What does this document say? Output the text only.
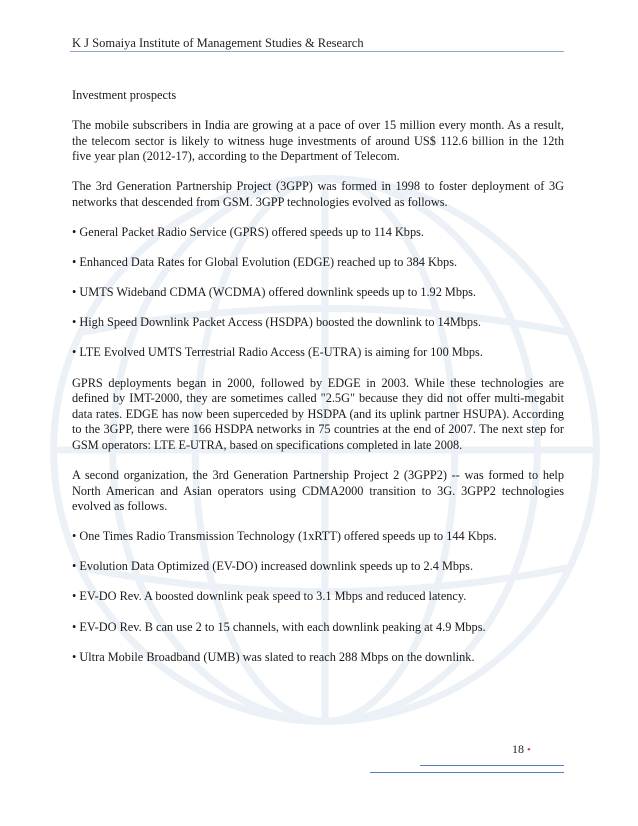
K J Somaiya Institute of Management Studies & Research

Investment prospects

The mobile subscribers in India are growing at a pace of over 15 million every month. As a result, the telecom sector is likely to witness huge investments of around US$ 112.6 billion in the 12th five year plan (2012-17), according to the Department of Telecom.

The 3rd Generation Partnership Project (3GPP) was formed in 1998 to foster deployment of 3G networks that descended from GSM. 3GPP technologies evolved as follows.

• General Packet Radio Service (GPRS) offered speeds up to 114 Kbps.

• Enhanced Data Rates for Global Evolution (EDGE) reached up to 384 Kbps.

• UMTS Wideband CDMA (WCDMA) offered downlink speeds up to 1.92 Mbps.

• High Speed Downlink Packet Access (HSDPA) boosted the downlink to 14Mbps.

• LTE Evolved UMTS Terrestrial Radio Access (E-UTRA) is aiming for 100 Mbps.

GPRS deployments began in 2000, followed by EDGE in 2003. While these technologies are defined by IMT-2000, they are sometimes called "2.5G" because they did not offer multi-megabit data rates. EDGE has now been superceded by HSDPA (and its uplink partner HSUPA). According to the 3GPP, there were 166 HSDPA networks in 75 countries at the end of 2007. The next step for GSM operators: LTE E-UTRA, based on specifications completed in late 2008.

A second organization, the 3rd Generation Partnership Project 2 (3GPP2) -- was formed to help North American and Asian operators using CDMA2000 transition to 3G. 3GPP2 technologies evolved as follows.

• One Times Radio Transmission Technology (1xRTT) offered speeds up to 144 Kbps.

• Evolution Data Optimized (EV-DO) increased downlink speeds up to 2.4 Mbps.

• EV-DO Rev. A boosted downlink peak speed to 3.1 Mbps and reduced latency.

• EV-DO Rev. B can use 2 to 15 channels, with each downlink peaking at 4.9 Mbps.

• Ultra Mobile Broadband (UMB) was slated to reach 288 Mbps on the downlink.

18 •
